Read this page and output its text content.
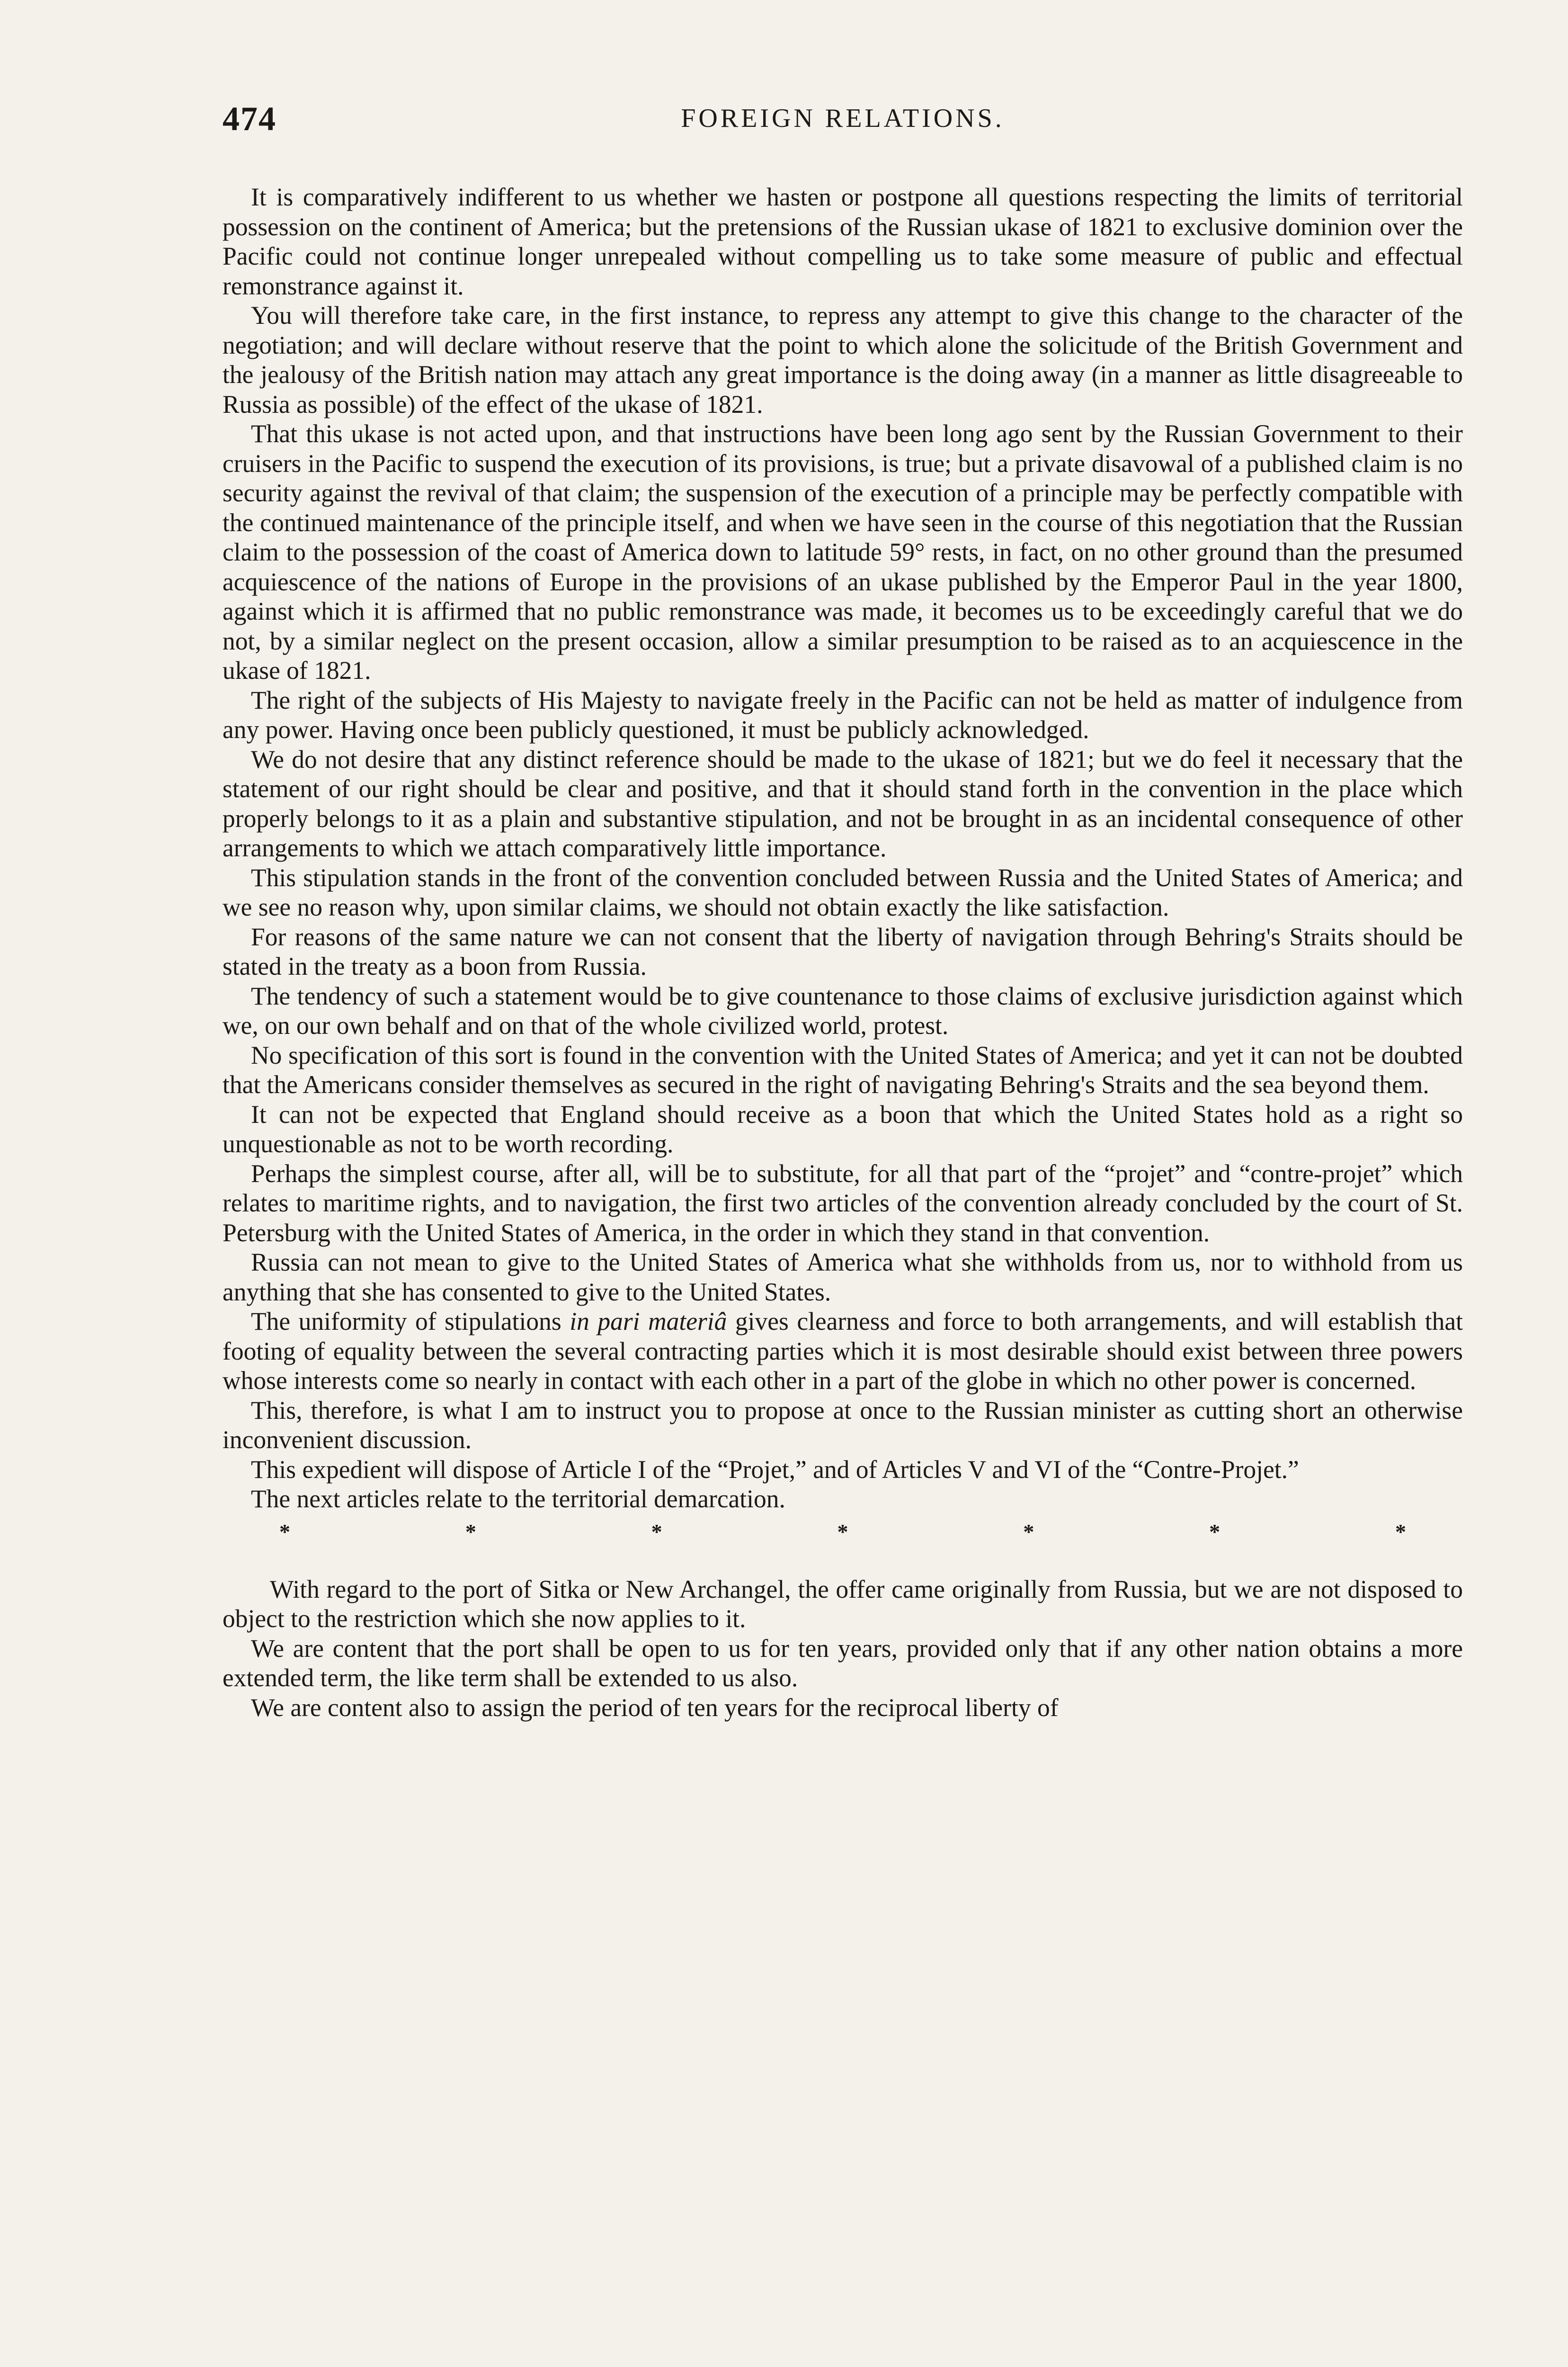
474	FOREIGN RELATIONS.

It is comparatively indifferent to us whether we hasten or postpone all questions respecting the limits of territorial possession on the continent of America; but the pretensions of the Russian ukase of 1821 to exclusive dominion over the Pacific could not continue longer unrepealed without compelling us to take some measure of public and effectual remonstrance against it.

You will therefore take care, in the first instance, to repress any attempt to give this change to the character of the negotiation; and will declare without reserve that the point to which alone the solicitude of the British Government and the jealousy of the British nation may attach any great importance is the doing away (in a manner as little disagreeable to Russia as possible) of the effect of the ukase of 1821.

That this ukase is not acted upon, and that instructions have been long ago sent by the Russian Government to their cruisers in the Pacific to suspend the execution of its provisions, is true; but a private disavowal of a published claim is no security against the revival of that claim; the suspension of the execution of a principle may be perfectly compatible with the continued maintenance of the principle itself, and when we have seen in the course of this negotiation that the Russian claim to the possession of the coast of America down to latitude 59° rests, in fact, on no other ground than the presumed acquiescence of the nations of Europe in the provisions of an ukase published by the Emperor Paul in the year 1800, against which it is affirmed that no public remonstrance was made, it becomes us to be exceedingly careful that we do not, by a similar neglect on the present occasion, allow a similar presumption to be raised as to an acquiescence in the ukase of 1821.

The right of the subjects of His Majesty to navigate freely in the Pacific can not be held as matter of indulgence from any power. Having once been publicly questioned, it must be publicly acknowledged.

We do not desire that any distinct reference should be made to the ukase of 1821; but we do feel it necessary that the statement of our right should be clear and positive, and that it should stand forth in the convention in the place which properly belongs to it as a plain and substantive stipulation, and not be brought in as an incidental consequence of other arrangements to which we attach comparatively little importance.

This stipulation stands in the front of the convention concluded between Russia and the United States of America; and we see no reason why, upon similar claims, we should not obtain exactly the like satisfaction.

For reasons of the same nature we can not consent that the liberty of navigation through Behring's Straits should be stated in the treaty as a boon from Russia.

The tendency of such a statement would be to give countenance to those claims of exclusive jurisdiction against which we, on our own behalf and on that of the whole civilized world, protest.

No specification of this sort is found in the convention with the United States of America; and yet it can not be doubted that the Americans consider themselves as secured in the right of navigating Behring's Straits and the sea beyond them.

It can not be expected that England should receive as a boon that which the United States hold as a right so unquestionable as not to be worth recording.

Perhaps the simplest course, after all, will be to substitute, for all that part of the “projet” and “contre-projet” which relates to maritime rights, and to navigation, the first two articles of the convention already concluded by the court of St. Petersburg with the United States of America, in the order in which they stand in that convention.

Russia can not mean to give to the United States of America what she withholds from us, nor to withhold from us anything that she has consented to give to the United States.

The uniformity of stipulations in pari materiâ gives clearness and force to both arrangements, and will establish that footing of equality between the several contracting parties which it is most desirable should exist between three powers whose interests come so nearly in contact with each other in a part of the globe in which no other power is concerned.

This, therefore, is what I am to instruct you to propose at once to the Russian minister as cutting short an otherwise inconvenient discussion.

This expedient will dispose of Article I of the “Projet,” and of Articles V and VI of the “Contre-Projet.”

The next articles relate to the territorial demarcation.

*	*	*	*	*	*	*

With regard to the port of Sitka or New Archangel, the offer came originally from Russia, but we are not disposed to object to the restriction which she now applies to it.

We are content that the port shall be open to us for ten years, provided only that if any other nation obtains a more extended term, the like term shall be extended to us also.

We are content also to assign the period of ten years for the reciprocal liberty of
